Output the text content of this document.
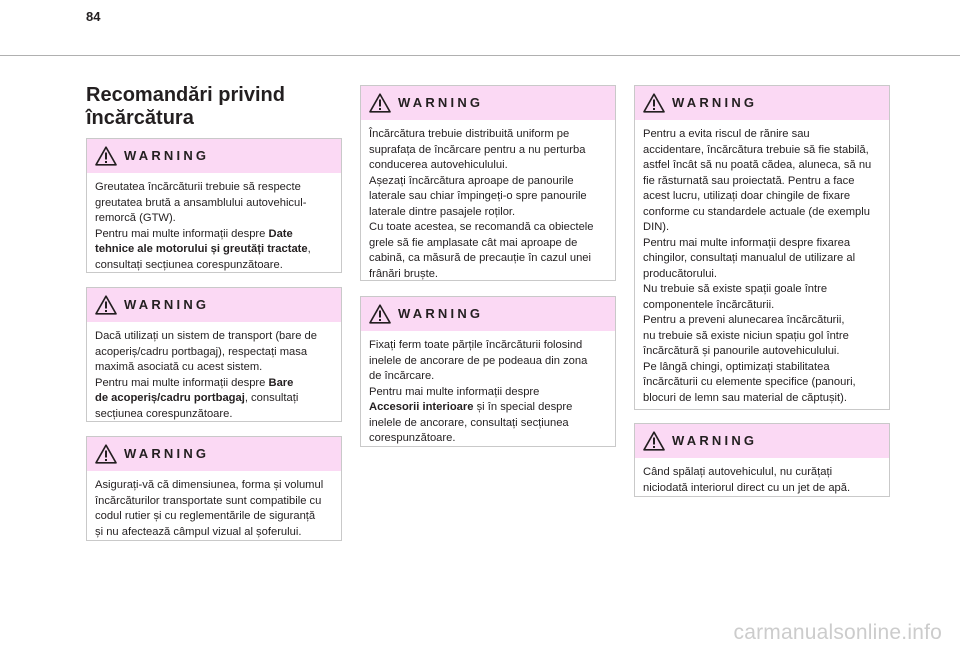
84
Recomandări privind
încărcătura
WARNING
Greutatea încărcăturii trebuie să respecte
greutatea brută a ansamblului autovehicul-
remorcă (GTW).
Pentru mai multe informații despre Date
tehnice ale motorului și greutăți tractate,
consultați secțiunea corespunzătoare.
WARNING
Dacă utilizați un sistem de transport (bare de
acoperiș/cadru portbagaj), respectați masa
maximă asociată cu acest sistem.
Pentru mai multe informații despre Bare
de acoperiș/cadru portbagaj, consultați
secțiunea corespunzătoare.
WARNING
Asigurați-vă că dimensiunea, forma și volumul
încărcăturilor transportate sunt compatibile cu
codul rutier și cu reglementările de siguranță
și nu afectează câmpul vizual al șoferului.
WARNING
Încărcătura trebuie distribuită uniform pe
suprafața de încărcare pentru a nu perturba
conducerea autovehiculului.
Așezați încărcătura aproape de panourile
laterale sau chiar împingeți-o spre panourile
laterale dintre pasajele roților.
Cu toate acestea, se recomandă ca obiectele
grele să fie amplasate cât mai aproape de
cabină, ca măsură de precauție în cazul unei
frânări bruște.
WARNING
Fixați ferm toate părțile încărcăturii folosind
inelele de ancorare de pe podeaua din zona
de încărcare.
Pentru mai multe informații despre
Accesorii interioare și în special despre
inelele de ancorare, consultați secțiunea
corespunzătoare.
WARNING
Pentru a evita riscul de rănire sau
accidentare, încărcătura trebuie să fie stabilă,
astfel încât să nu poată cădea, aluneca, să nu
fie răsturnată sau proiectată. Pentru a face
acest lucru, utilizați doar chingile de fixare
conforme cu standardele actuale (de exemplu
DIN).
Pentru mai multe informații despre fixarea
chingilor, consultați manualul de utilizare al
producătorului.
Nu trebuie să existe spații goale între
componentele încărcăturii.
Pentru a preveni alunecarea încărcăturii,
nu trebuie să existe niciun spațiu gol între
încărcătură și panourile autovehiculului.
Pe lângă chingi, optimizați stabilitatea
încărcăturii cu elemente specifice (panouri,
blocuri de lemn sau material de căptușit).
WARNING
Când spălați autovehiculul, nu curățați
niciodată interiorul direct cu un jet de apă.
carmanualsonline.info
